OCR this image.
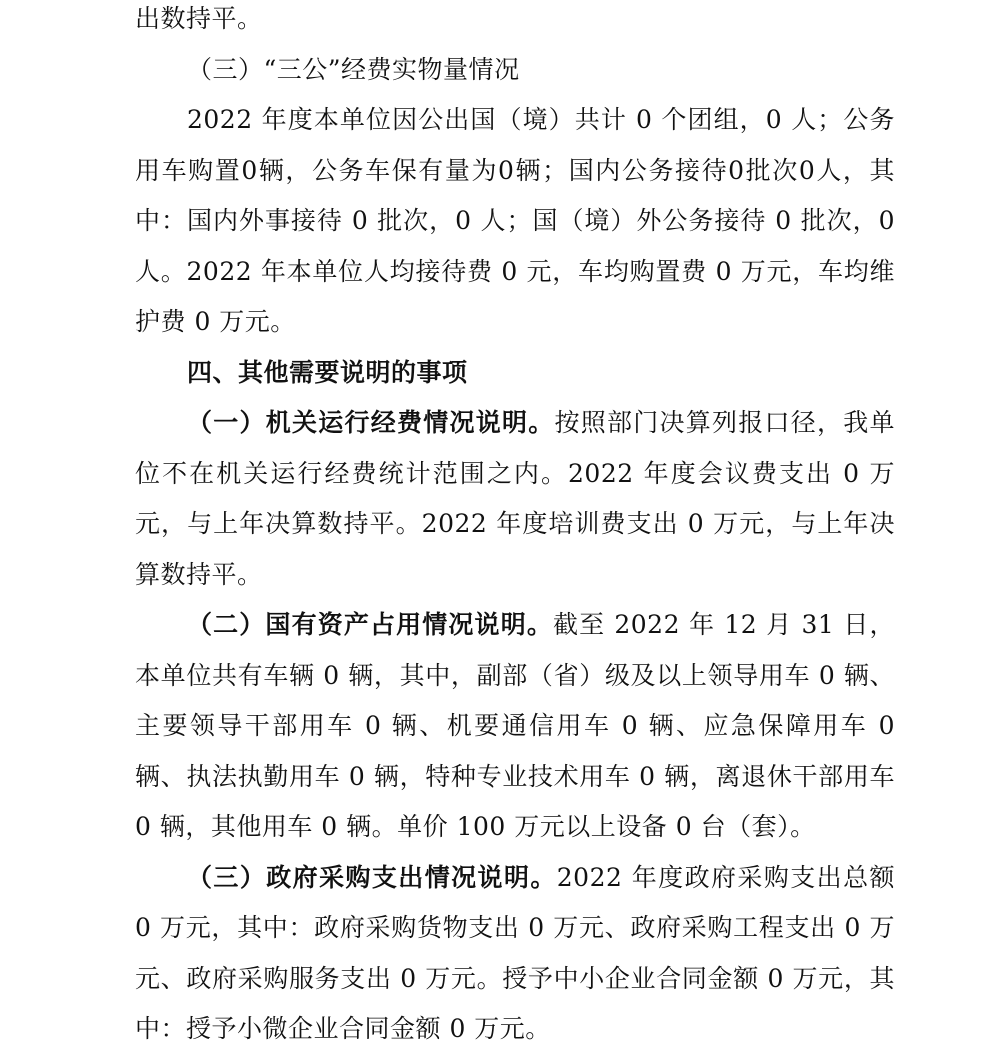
出数持平。

（三）“三公”经费实物量情况

2022 年度本单位因公出国（境）共计 0 个团组，0 人；公务用车购置0辆，公务车保有量为0辆；国内公务接待0批次0人，其中：国内外事接待 0 批次，0 人；国（境）外公务接待 0 批次，0 人。2022 年本单位人均接待费 0 元，车均购置费 0 万元，车均维护费 0 万元。

四、其他需要说明的事项

（一）机关运行经费情况说明。按照部门决算列报口径，我单位不在机关运行经费统计范围之内。2022 年度会议费支出 0 万元，与上年决算数持平。2022 年度培训费支出 0 万元，与上年决算数持平。

（二）国有资产占用情况说明。截至 2022 年 12 月 31 日，本单位共有车辆 0 辆，其中，副部（省）级及以上领导用车 0 辆、主要领导干部用车 0 辆、机要通信用车 0 辆、应急保障用车 0 辆、执法执勤用车 0 辆，特种专业技术用车 0 辆，离退休干部用车 0 辆，其他用车 0 辆。单价 100 万元以上设备 0 台（套）。

（三）政府采购支出情况说明。2022 年度政府采购支出总额 0 万元，其中：政府采购货物支出 0 万元、政府采购工程支出 0 万元、政府采购服务支出 0 万元。授予中小企业合同金额 0 万元，其中：授予小微企业合同金额 0 万元。
